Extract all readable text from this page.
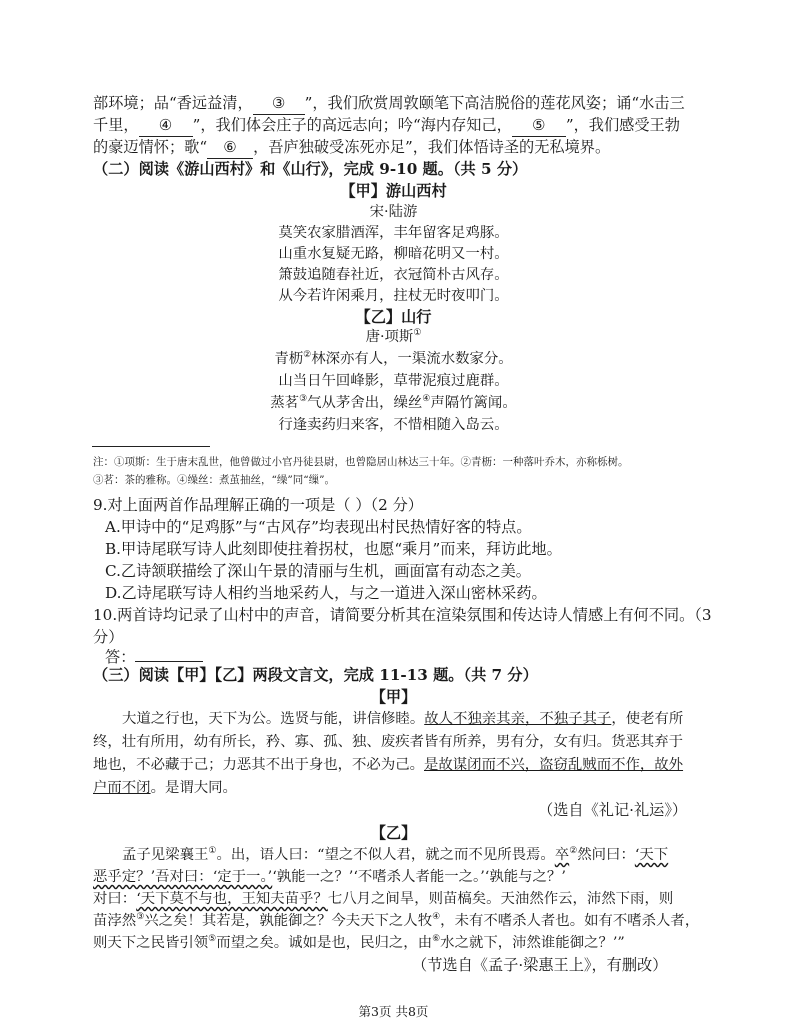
部环境；品“香远益清， ③ ”，我们欣赏周敦颐笔下高洁脱俗的莲花风姿；诵“水击三
千里， ④ ”，我们体会庄子的高远志向；吟“海内存知己， ⑤ ”，我们感受王勃
的豪迈情怀；歌“ ⑥ ，吾庐独破受冻死亦足”，我们体悟诗圣的无私境界。
（二）阅读《游山西村》和《山行》，完成 9-10 题。（共 5 分）
【甲】游山西村
宋·陆游
莫笑农家腊酒浑，丰年留客足鸡豚。
山重水复疑无路，柳暗花明又一村。
箫鼓追随春社近，衣冠简朴古风存。
从今若许闲乘月，拄杖无时夜叩门。
【乙】山行
唐·项斯①
青枥②林深亦有人，一渠流水数家分。
山当日午回峰影，草带泥痕过鹿群。
蒸茗③气从茅舍出，缲丝④声隔竹篱闻。
行逢卖药归来客，不惜相随入岛云。
注：①项斯：生于唐末乱世，他曾做过小官丹徒县尉，也曾隐居山林达三十年。②青枥：一种落叶乔木，亦称栎树。
③茗：茶的雅称。④缲丝：煮茧抽丝，“缲”同“缫”。
9.对上面两首作品理解正确的一项是（ ）（2 分）
A.甲诗中的“足鸡豚”与“古风存”均表现出村民热情好客的特点。
B.甲诗尾联写诗人此刻即使拄着拐杖，也愿“乘月”而来，拜访此地。
C.乙诗颔联描绘了深山午景的清丽与生机，画面富有动态之美。
D.乙诗尾联写诗人相约当地采药人，与之一道进入深山密林采药。
10.两首诗均记录了山村中的声音，请简要分析其在渲染氛围和传达诗人情感上有何不同。（3
分）
答：
（三）阅读【甲】【乙】两段文言文，完成 11-13 题。（共 7 分）
【甲】
大道之行也，天下为公。选贤与能，讲信修睦。故人不独亲其亲，不独子其子，使老有所
终，壮有所用，幼有所长，矜、寡、孤、独、废疾者皆有所养，男有分，女有归。货恶其弃于
地也，不必藏于己；力恶其不出于身也，不必为己。是故谋闭而不兴，盗窃乱贼而不作，故外
户而不闭。是谓大同。
（选自《礼记·礼运》）
【乙】
孟子见梁襄王①。出，语人曰：“望之不似人君，就之而不见所畏焉。卒②然问曰：‘天下
恶乎定？’吾对曰：‘定于一。’‘孰能一之？’‘不嗜杀人者能一之。’‘孰能与之？’
对曰：‘天下莫不与也，王知夫苗乎？七八月之间旱，则苗槁矣。天油然作云，沛然下雨，则
苗浡然③兴之矣！其若是，孰能御之？今夫天下之人牧④，未有不嗜杀人者也。如有不嗜杀人者，
则天下之民皆引领⑤而望之矣。诚如是也，民归之，由⑥水之就下，沛然谁能御之？’”
（节选自《孟子·梁惠王上》，有删改）
第3页 共8页
